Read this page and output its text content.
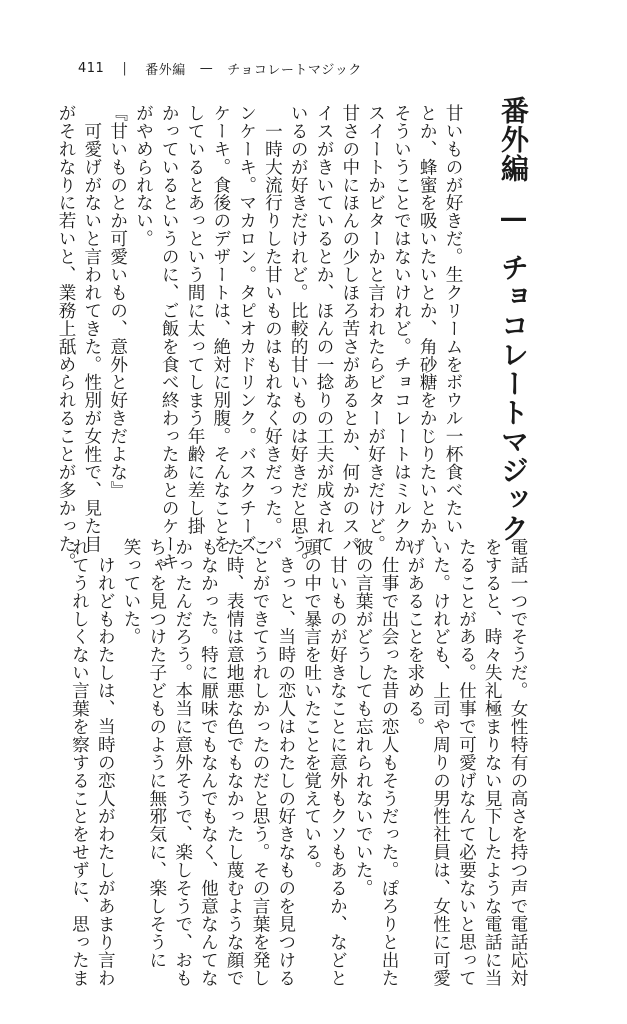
411 | 番外編 — チョコレートマジック
番外編—チョコレートマジック
甘いものが好きだ。生クリームをボウル一杯食べたい
とか、蜂蜜を吸いたいとか、角砂糖をかじりたいとか、
そういうことではないけれど。チョコレートはミルクか
スイートかビターかと言われたらビターが好きだけど。
甘さの中にほんの少しほろ苦さがあるとか、何かのスパ
イスがきいているとか、ほんの一捻りの工夫が成されて
いるのが好きだけれど。比較的甘いものは好きだと思う。
　一時大流行りした甘いものはもれなく好きだった。パ
ンケーキ。マカロン。タピオカドリンク。バスクチーズ
ケーキ。食後のデザートは、絶対に別腹。そんなことを
しているとあっという間に太ってしまう年齢に差し掛
かっているというのに、ご飯を食べ終わったあとのケーキ
がやめられない。
『甘いものとか可愛いもの、意外と好きだよな』
　可愛げがないと言われてきた。性別が女性で、見た目
がそれなりに若いと、業務上舐められることが多かった。
電話一つでそうだ。女性特有の高さを持つ声で電話応対
をすると、時々失礼極まりない見下したような電話に当
たることがある。仕事で可愛げなんて必要ないと思って
いた。けれども、上司や周りの男性社員は、女性に可愛
げがあることを求める。
　仕事で出会った昔の恋人もそうだった。ぽろりと出た
彼の言葉がどうしても忘れられないでいた。
　甘いものが好きなことに意外もクソもあるか、などと
頭の中で暴言を吐いたことを覚えている。
　きっと、当時の恋人はわたしの好きなものを見つける
ことができてうれしかったのだと思う。その言葉を発し
た時、表情は意地悪な色でもなかったし蔑むような顔で
もなかった。特に厭味でもなんでもなく、他意なんてな
かったんだろう。本当に意外そうで、楽しそうで、おも
ちゃを見つけた子どものように無邪気に、楽しそうに
笑っていた。
　けれどもわたしは、当時の恋人がわたしがあまり言わ
れてうれしくない言葉を察することをせずに、思ったま
